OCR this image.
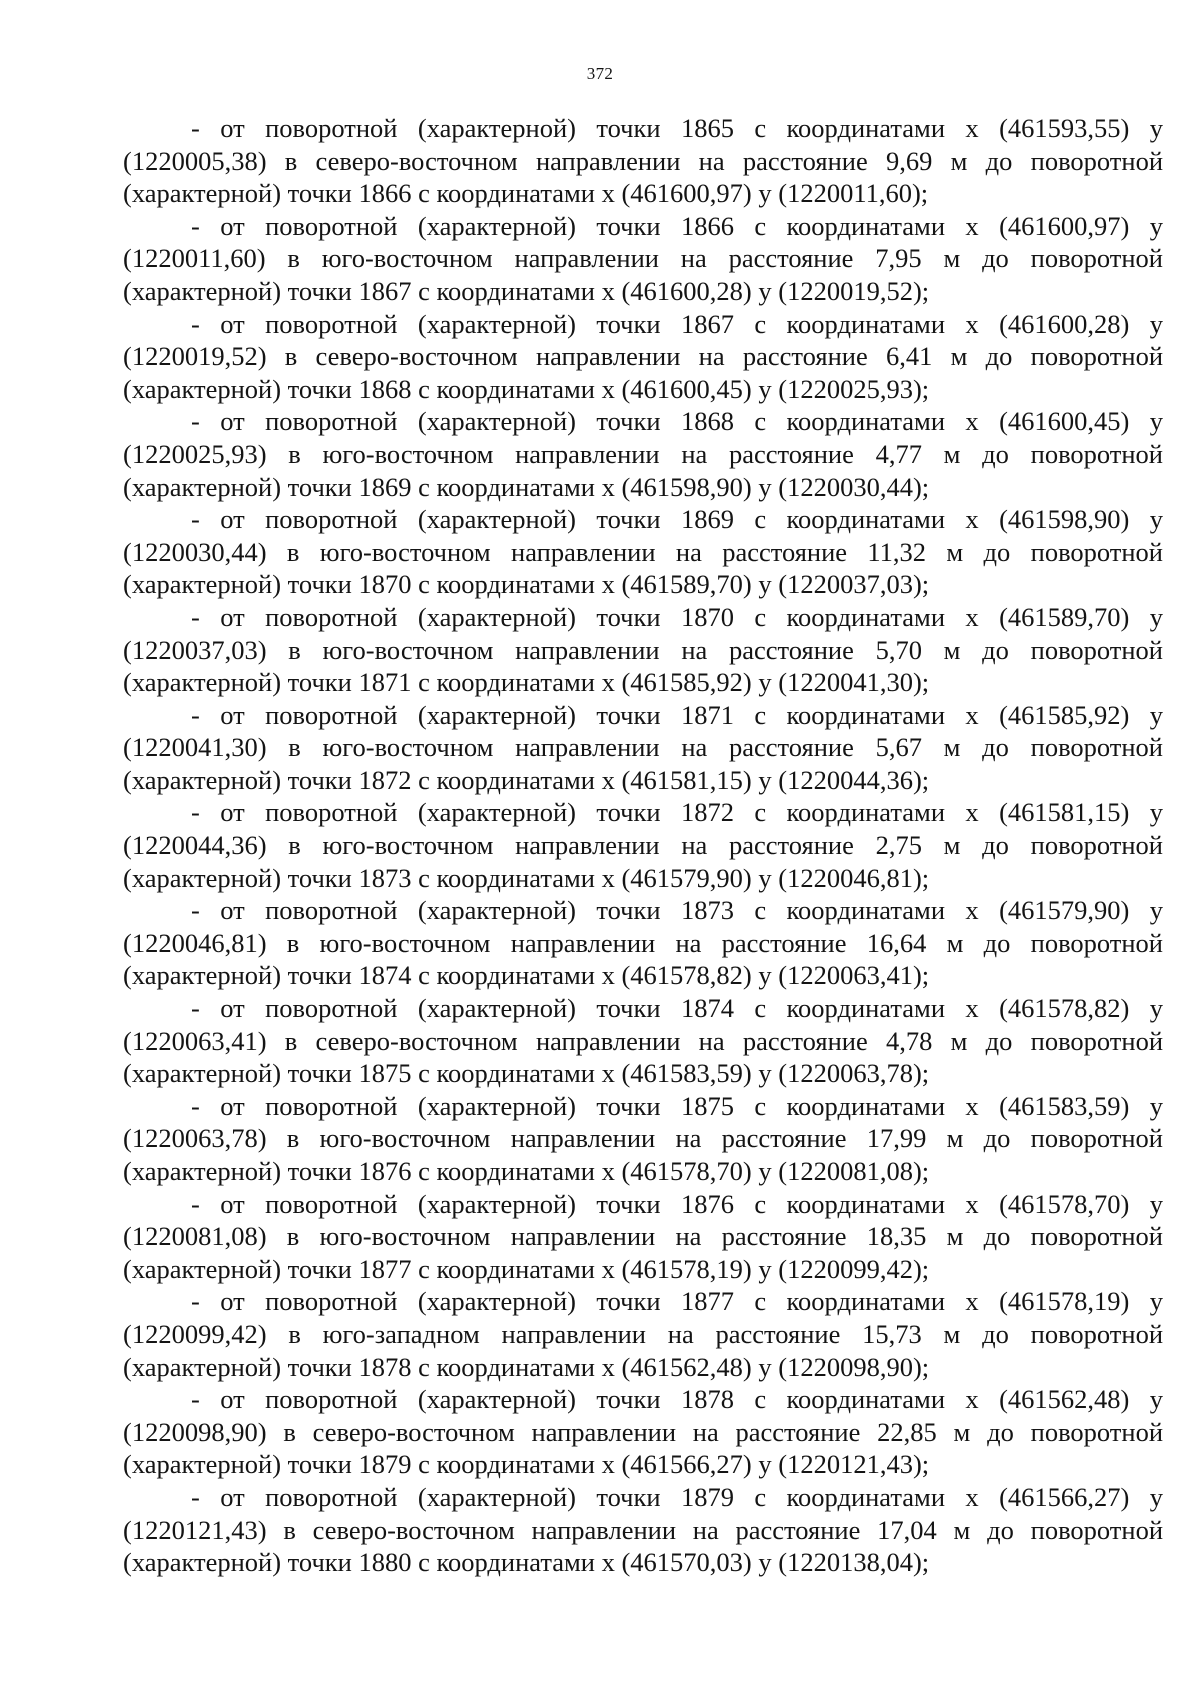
372

- от поворотной (характерной) точки 1865 с координатами х (461593,55) у (1220005,38) в северо-восточном направлении на расстояние 9,69 м до поворотной (характерной) точки 1866 с координатами х (461600,97) у (1220011,60);

- от поворотной (характерной) точки 1866 с координатами х (461600,97) у (1220011,60) в юго-восточном направлении на расстояние 7,95 м до поворотной (характерной) точки 1867 с координатами х (461600,28) у (1220019,52);

- от поворотной (характерной) точки 1867 с координатами х (461600,28) у (1220019,52) в северо-восточном направлении на расстояние 6,41 м до поворотной (характерной) точки 1868 с координатами х (461600,45) у (1220025,93);

- от поворотной (характерной) точки 1868 с координатами х (461600,45) у (1220025,93) в юго-восточном направлении на расстояние 4,77 м до поворотной (характерной) точки 1869 с координатами х (461598,90) у (1220030,44);

- от поворотной (характерной) точки 1869 с координатами х (461598,90) у (1220030,44) в юго-восточном направлении на расстояние 11,32 м до поворотной (характерной) точки 1870 с координатами х (461589,70) у (1220037,03);

- от поворотной (характерной) точки 1870 с координатами х (461589,70) у (1220037,03) в юго-восточном направлении на расстояние 5,70 м до поворотной (характерной) точки 1871 с координатами х (461585,92) у (1220041,30);

- от поворотной (характерной) точки 1871 с координатами х (461585,92) у (1220041,30) в юго-восточном направлении на расстояние 5,67 м до поворотной (характерной) точки 1872 с координатами х (461581,15) у (1220044,36);

- от поворотной (характерной) точки 1872 с координатами х (461581,15) у (1220044,36) в юго-восточном направлении на расстояние 2,75 м до поворотной (характерной) точки 1873 с координатами х (461579,90) у (1220046,81);

- от поворотной (характерной) точки 1873 с координатами х (461579,90) у (1220046,81) в юго-восточном направлении на расстояние 16,64 м до поворотной (характерной) точки 1874 с координатами х (461578,82) у (1220063,41);

- от поворотной (характерной) точки 1874 с координатами х (461578,82) у (1220063,41) в северо-восточном направлении на расстояние 4,78 м до поворотной (характерной) точки 1875 с координатами х (461583,59) у (1220063,78);

- от поворотной (характерной) точки 1875 с координатами х (461583,59) у (1220063,78) в юго-восточном направлении на расстояние 17,99 м до поворотной (характерной) точки 1876 с координатами х (461578,70) у (1220081,08);

- от поворотной (характерной) точки 1876 с координатами х (461578,70) у (1220081,08) в юго-восточном направлении на расстояние 18,35 м до поворотной (характерной) точки 1877 с координатами х (461578,19) у (1220099,42);

- от поворотной (характерной) точки 1877 с координатами х (461578,19) у (1220099,42) в юго-западном направлении на расстояние 15,73 м до поворотной (характерной) точки 1878 с координатами х (461562,48) у (1220098,90);

- от поворотной (характерной) точки 1878 с координатами х (461562,48) у (1220098,90) в северо-восточном направлении на расстояние 22,85 м до поворотной (характерной) точки 1879 с координатами х (461566,27) у (1220121,43);

- от поворотной (характерной) точки 1879 с координатами х (461566,27) у (1220121,43) в северо-восточном направлении на расстояние 17,04 м до поворотной (характерной) точки 1880 с координатами х (461570,03) у (1220138,04);
